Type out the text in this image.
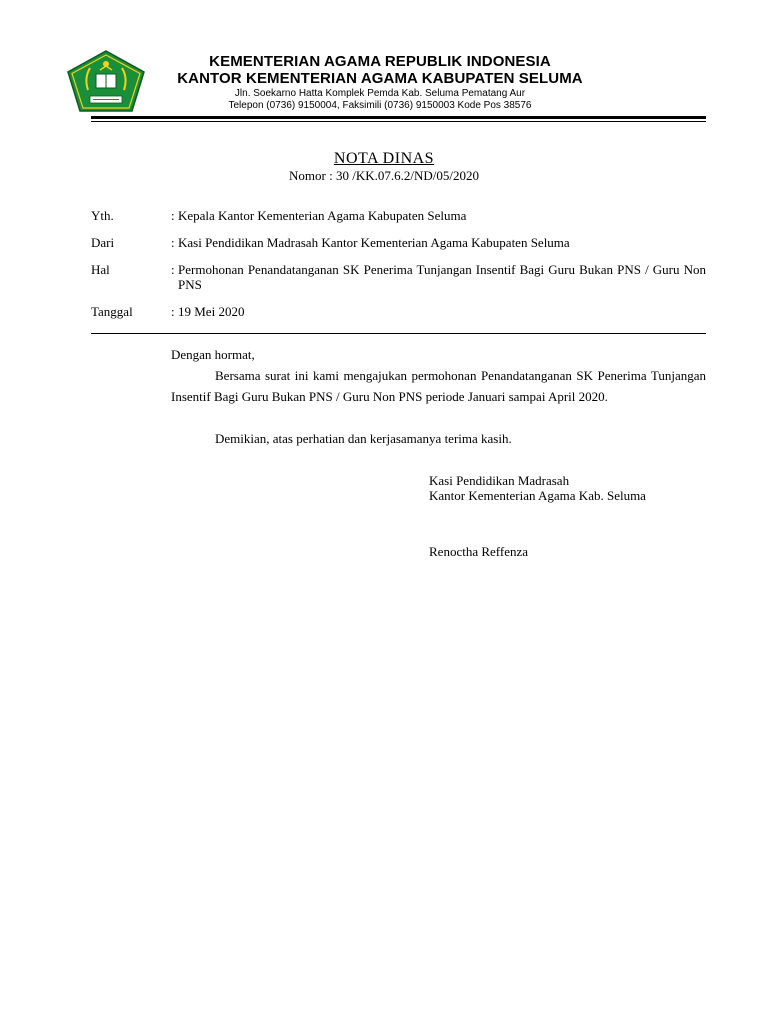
KEMENTERIAN AGAMA REPUBLIK INDONESIA
KANTOR KEMENTERIAN AGAMA KABUPATEN SELUMA
Jln. Soekarno Hatta Komplek Pemda Kab. Seluma Pematang Aur
Telepon (0736) 9150004, Faksimili (0736) 9150003 Kode Pos 38576
NOTA DINAS
Nomor : 30 /KK.07.6.2/ND/05/2020
Yth.	: Kepala Kantor Kementerian Agama Kabupaten Seluma
Dari	: Kasi Pendidikan Madrasah Kantor Kementerian Agama Kabupaten Seluma
Hal	: Permohonan Penandatanganan SK Penerima Tunjangan Insentif Bagi Guru Bukan PNS / Guru Non PNS
Tanggal	: 19 Mei 2020
Dengan hormat,
Bersama surat ini kami mengajukan permohonan Penandatanganan SK Penerima Tunjangan Insentif Bagi Guru Bukan PNS / Guru Non PNS periode Januari sampai April 2020.
Demikian, atas perhatian dan kerjasamanya terima kasih.
Kasi Pendidikan Madrasah
Kantor Kementerian Agama Kab. Seluma
Renoctha Reffenza
